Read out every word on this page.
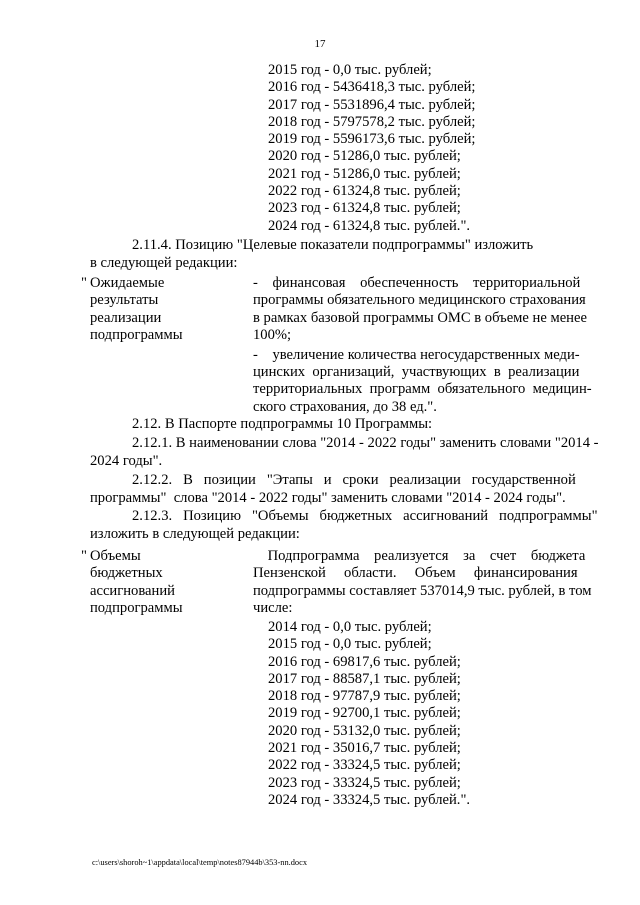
17
2015 год - 0,0 тыс. рублей;
2016 год - 5436418,3 тыс. рублей;
2017 год - 5531896,4 тыс. рублей;
2018 год - 5797578,2 тыс. рублей;
2019 год - 5596173,6 тыс. рублей;
2020 год - 51286,0 тыс. рублей;
2021 год - 51286,0 тыс. рублей;
2022 год - 61324,8 тыс. рублей;
2023 год - 61324,8 тыс. рублей;
2024 год - 61324,8 тыс. рублей.".
2.11.4. Позицию "Целевые показатели подпрограммы" изложить
в следующей редакции:
" Ожидаемые
результаты
реализации
подпрограммы
-    финансовая    обеспеченность    территориальной
программы обязательного медицинского страхования
в рамках базовой программы ОМС в объеме не менее
100%;
-    увеличение количества негосударственных меди-
цинских  организаций,  участвующих  в  реализации
территориальных  программ  обязательного  медицин-
ского страхования, до 38 ед.".
2.12. В Паспорте подпрограммы 10 Программы:
2.12.1. В наименовании слова "2014 - 2022 годы" заменить словами "2014 -
2024 годы".
2.12.2.   В   позиции   "Этапы   и   сроки   реализации   государственной
программы"  слова "2014 - 2022 годы" заменить словами "2014 - 2024 годы".
2.12.3.   Позицию   "Объемы   бюджетных   ассигнований   подпрограммы"
изложить в следующей редакции:
" Объемы
бюджетных
ассигнований
подпрограммы
Подпрограмма    реализуется    за    счет    бюджета
Пензенской     области.     Объем     финансирования
подпрограммы составляет 537014,9 тыс. рублей, в том
числе:
2014 год - 0,0 тыс. рублей;
2015 год - 0,0 тыс. рублей;
2016 год - 69817,6 тыс. рублей;
2017 год - 88587,1 тыс. рублей;
2018 год - 97787,9 тыс. рублей;
2019 год - 92700,1 тыс. рублей;
2020 год - 53132,0 тыс. рублей;
2021 год - 35016,7 тыс. рублей;
2022 год - 33324,5 тыс. рублей;
2023 год - 33324,5 тыс. рублей;
2024 год - 33324,5 тыс. рублей.".
c:\users\shoroh~1\appdata\local\temp\notes87944b\353-nn.docx
